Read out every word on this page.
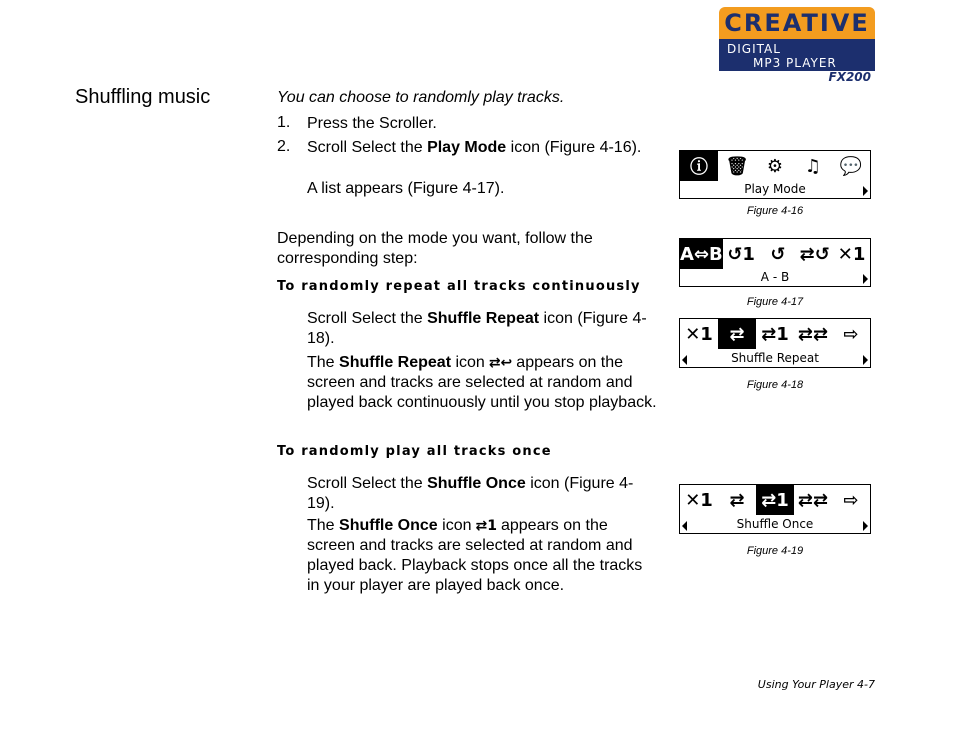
CREATIVE
DIGITAL
MP3 PLAYER
FX200
Shuffling music	You can choose to randomly play tracks.
1. Press the Scroller.
2. Scroll Select the Play Mode icon (Figure 4-16).
A list appears (Figure 4-17).
Depending on the mode you want, follow the corresponding step:
To randomly repeat all tracks continuously
Scroll Select the Shuffle Repeat icon (Figure 4-18).
The Shuffle Repeat icon ⇄↩ appears on the screen and tracks are selected at random and played back continuously until you stop playback.
To randomly play all tracks once
Scroll Select the Shuffle Once icon (Figure 4-19).
The Shuffle Once icon ⇄1 appears on the screen and tracks are selected at random and played back. Playback stops once all the tracks in your player are played back once.
ⓘ 🗑	⚙	♫	💬
Play Mode
Figure 4-16
A⇔B ↺1 ↺ ⇄↺ ✕1
A - B
Figure 4-17
✕1 ⇄ ⇄1 ⇄⇄ ⇨
Shuffle Repeat
Figure 4-18
✕1 ⇄ ⇄1 ⇄⇄ ⇨
Shuffle Once
Figure 4-19
Using Your Player 4-7
